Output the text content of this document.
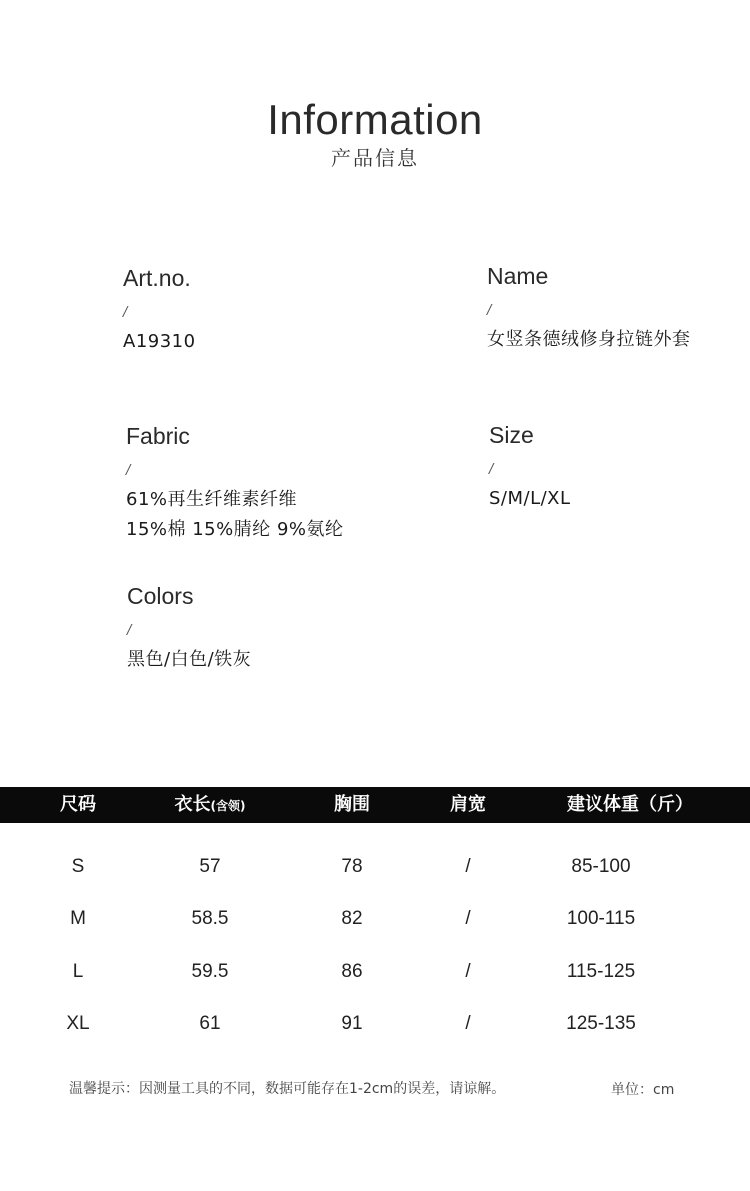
Information
产品信息
Art.no.
/
A19310
Name
/
女竖条德绒修身拉链外套
Fabric
/
61%再生纤维素纤维
15%棉 15%腈纶 9%氨纶
Size
/
S/M/L/XL
Colors
/
黑色/白色/铁灰
尺码	衣长(含领)	胸围	肩宽	建议体重（斤）
S	57	78	/	85-100
M	58.5	82	/	100-115
L	59.5	86	/	115-125
XL	61	91	/	125-135
温馨提示：因测量工具的不同，数据可能存在1-2cm的误差，请谅解。	单位：cm
